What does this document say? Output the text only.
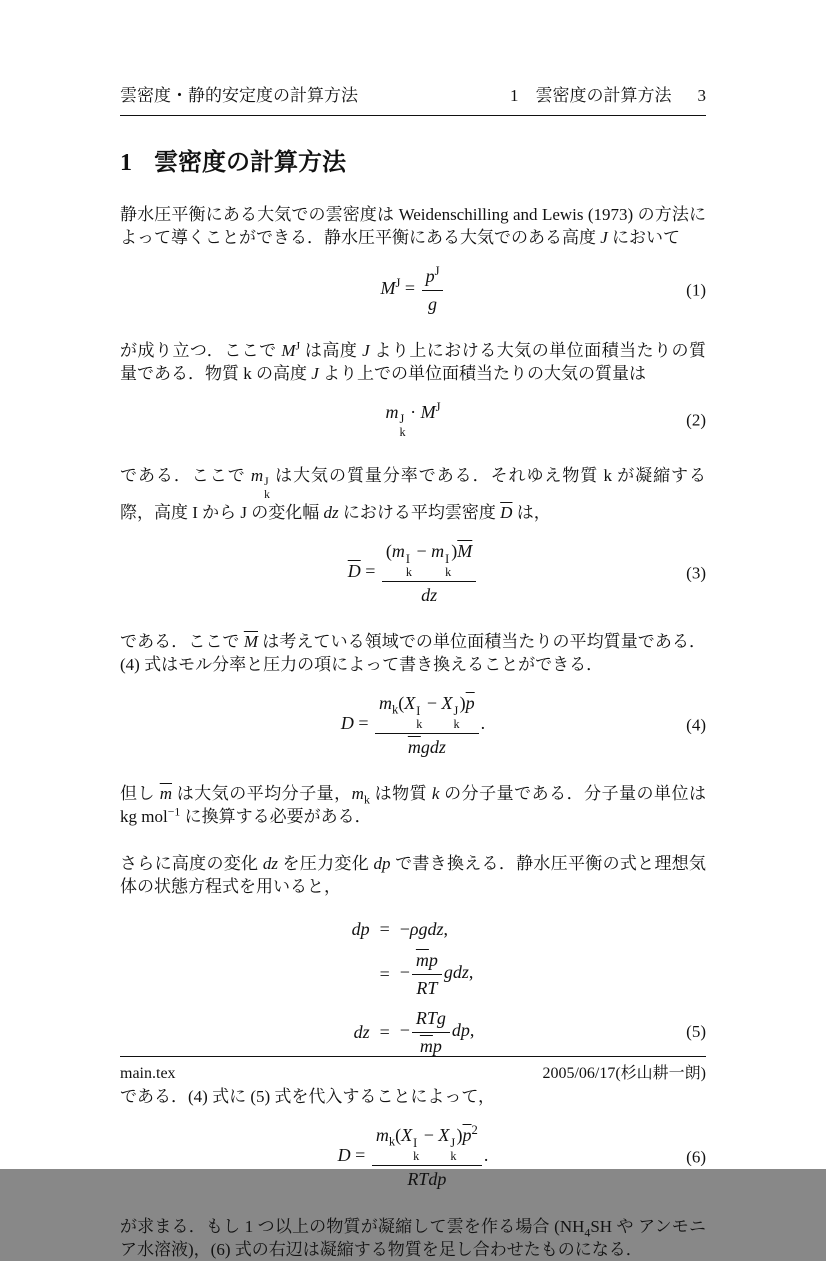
雲密度・静的安定度の計算方法	1　雲密度の計算方法 3
1 雲密度の計算方法

静水圧平衡にある大気での雲密度は Weidenschilling and Lewis (1973) の方法によって導くことができる．静水圧平衡にある大気でのある高度 J において

$M^J = \frac{p^J}{g}$	(1)

が成り立つ．ここで $M^J$ は高度 J より上における大気の単位面積当たりの質量である．物質 k の高度 J より上での単位面積当たりの大気の質量は

m J
k
· $M^J$
(2)

である．ここで m J
k
は大気の質量分率である．それゆえ物質 k が凝縮する際，高度 I から J の変化幅 dz における平均雲密度 $\overline{D}$ は，

$\overline{D} = (m$ I
k
− m I
k
)$\overline{M}$
dz	(3)

である．ここで $\overline{M}$ は考えている領域での単位面積当たりの平均質量である．(4) 式はモル分率と圧力の項によって書き換えることができる．

$D = m_k(X$ I
k
− X J
k
)$\overline{p}$
$\overline{m}gdz$ .	(4)

但し $\overline{m}$ は大気の平均分子量，$m_k$ は物質 k の分子量である．分子量の単位は kg mol$^{-1}$ に換算する必要がある．

さらに高度の変化 dz を圧力変化 dp で書き換える．静水圧平衡の式と理想気体の状態方程式を用いると，

dp	=	−ρgdz,
	=	− $\frac{\overline{m}p}{RT}$ gdz,
dz	=	− $\frac{\text{RTg}}{\overline{m}p}$ dp,	(5)

である．(4) 式に (5) 式を代入することによって，

$D = m_k(X$ I
k
− X J
k
)$\overline{p}^2$
RTdp .	(6)

が求まる．もし 1 つ以上の物質が凝縮して雲を作る場合 ($NH_4SH$ や アンモニア水溶液)，(6) 式の右辺は凝縮する物質を足し合わせたものになる．

main.tex	2005/06/17(杉山耕一朗)
